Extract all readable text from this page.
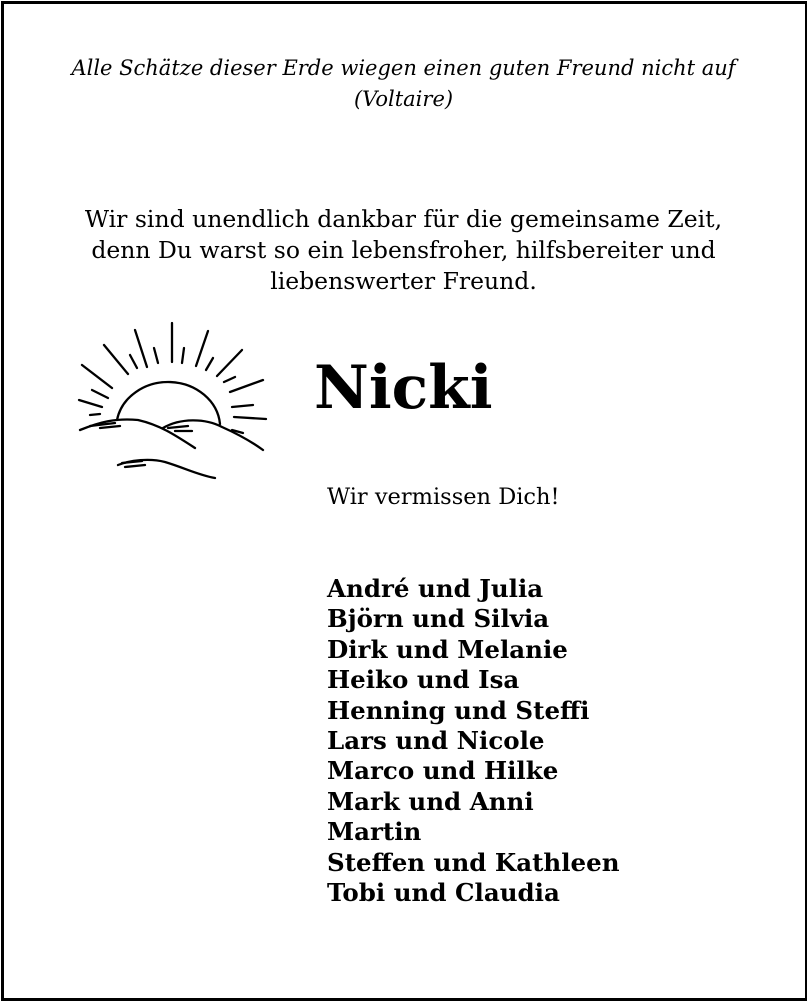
Alle Schätze dieser Erde wiegen einen guten Freund nicht auf
(Voltaire)
Wir sind unendlich dankbar für die gemeinsame Zeit,
denn Du warst so ein lebensfroher, hilfsbereiter und
liebenswerter Freund.
Nicki
Wir vermissen Dich!
André und Julia
Björn und Silvia
Dirk und Melanie
Heiko und Isa
Henning und Steffi
Lars und Nicole
Marco und Hilke
Mark und Anni
Martin
Steffen und Kathleen
Tobi und Claudia
